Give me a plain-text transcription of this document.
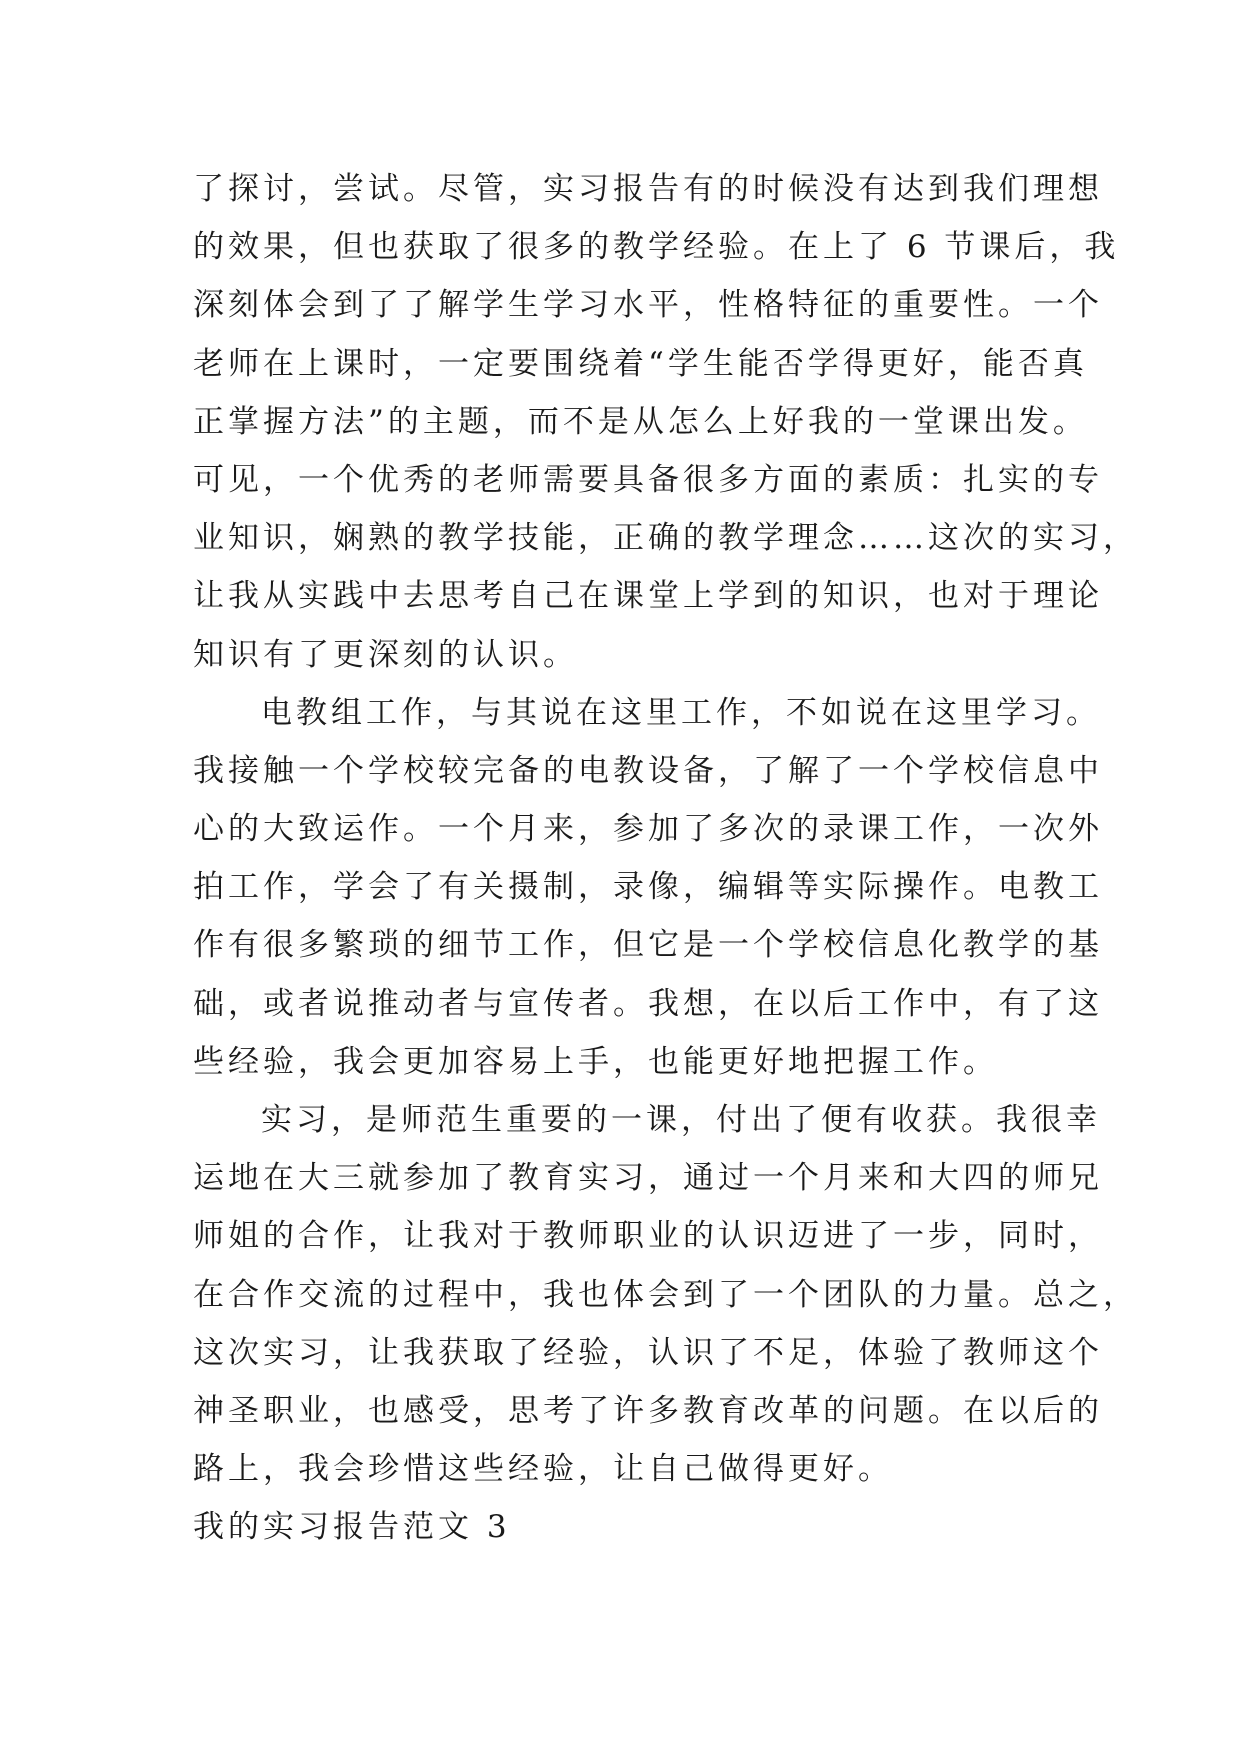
了探讨，尝试。尽管，实习报告有的时候没有达到我们理想
的效果，但也获取了很多的教学经验。在上了 6 节课后，我
深刻体会到了了解学生学习水平，性格特征的重要性。一个
老师在上课时，一定要围绕着“学生能否学得更好，能否真
正掌握方法”的主题，而不是从怎么上好我的一堂课出发。
可见，一个优秀的老师需要具备很多方面的素质：扎实的专
业知识，娴熟的教学技能，正确的教学理念……这次的实习，
让我从实践中去思考自己在课堂上学到的知识，也对于理论
知识有了更深刻的认识。
电教组工作，与其说在这里工作，不如说在这里学习。
我接触一个学校较完备的电教设备，了解了一个学校信息中
心的大致运作。一个月来，参加了多次的录课工作，一次外
拍工作，学会了有关摄制，录像，编辑等实际操作。电教工
作有很多繁琐的细节工作，但它是一个学校信息化教学的基
础，或者说推动者与宣传者。我想，在以后工作中，有了这
些经验，我会更加容易上手，也能更好地把握工作。
实习，是师范生重要的一课，付出了便有收获。我很幸
运地在大三就参加了教育实习，通过一个月来和大四的师兄
师姐的合作，让我对于教师职业的认识迈进了一步，同时，
在合作交流的过程中，我也体会到了一个团队的力量。总之，
这次实习，让我获取了经验，认识了不足，体验了教师这个
神圣职业，也感受，思考了许多教育改革的问题。在以后的
路上，我会珍惜这些经验，让自己做得更好。
我的实习报告范文 3
